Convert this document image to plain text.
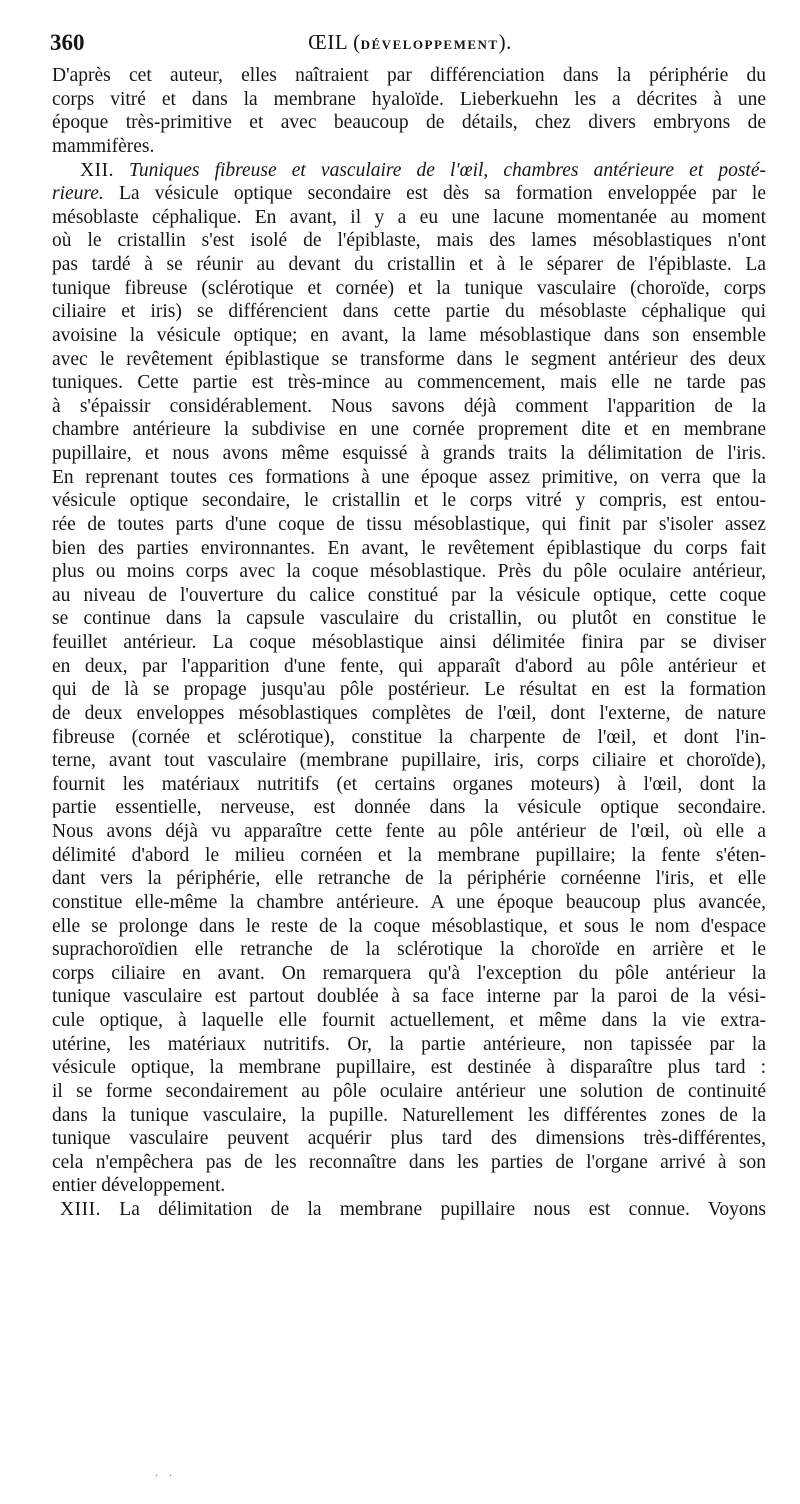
360	ŒIL (DÉVELOPPEMENT).
D'après cet auteur, elles naîtraient par différenciation dans la périphérie du
corps vitré et dans la membrane hyaloïde. Lieberkuehn les a décrites à une
époque très-primitive et avec beaucoup de détails, chez divers embryons de
mammifères.
XII. Tuniques fibreuse et vasculaire de l'œil, chambres antérieure et posté-
rieure. La vésicule optique secondaire est dès sa formation enveloppée par le
mésoblaste céphalique. En avant, il y a eu une lacune momentanée au moment
où le cristallin s'est isolé de l'épiblaste, mais des lames mésoblastiques n'ont
pas tardé à se réunir au devant du cristallin et à le séparer de l'épiblaste. La
tunique fibreuse (sclérotique et cornée) et la tunique vasculaire (choroïde, corps
ciliaire et iris) se différencient dans cette partie du mésoblaste céphalique qui
avoisine la vésicule optique; en avant, la lame mésoblastique dans son ensemble
avec le revêtement épiblastique se transforme dans le segment antérieur des deux
tuniques. Cette partie est très-mince au commencement, mais elle ne tarde pas
à s'épaissir considérablement. Nous savons déjà comment l'apparition de la
chambre antérieure la subdivise en une cornée proprement dite et en membrane
pupillaire, et nous avons même esquissé à grands traits la délimitation de l'iris.
En reprenant toutes ces formations à une époque assez primitive, on verra que la
vésicule optique secondaire, le cristallin et le corps vitré y compris, est entou-
rée de toutes parts d'une coque de tissu mésoblastique, qui finit par s'isoler assez
bien des parties environnantes. En avant, le revêtement épiblastique du corps fait
plus ou moins corps avec la coque mésoblastique. Près du pôle oculaire antérieur,
au niveau de l'ouverture du calice constitué par la vésicule optique, cette coque
se continue dans la capsule vasculaire du cristallin, ou plutôt en constitue le
feuillet antérieur. La coque mésoblastique ainsi délimitée finira par se diviser
en deux, par l'apparition d'une fente, qui apparaît d'abord au pôle antérieur et
qui de là se propage jusqu'au pôle postérieur. Le résultat en est la formation
de deux enveloppes mésoblastiques complètes de l'œil, dont l'externe, de nature
fibreuse (cornée et sclérotique), constitue la charpente de l'œil, et dont l'in-
terne, avant tout vasculaire (membrane pupillaire, iris, corps ciliaire et choroïde),
fournit les matériaux nutritifs (et certains organes moteurs) à l'œil, dont la
partie essentielle, nerveuse, est donnée dans la vésicule optique secondaire.
Nous avons déjà vu apparaître cette fente au pôle antérieur de l'œil, où elle a
délimité d'abord le milieu cornéen et la membrane pupillaire; la fente s'éten-
dant vers la périphérie, elle retranche de la périphérie cornéenne l'iris, et elle
constitue elle-même la chambre antérieure. A une époque beaucoup plus avancée,
elle se prolonge dans le reste de la coque mésoblastique, et sous le nom d'espace
suprachoroïdien elle retranche de la sclérotique la choroïde en arrière et le
corps ciliaire en avant. On remarquera qu'à l'exception du pôle antérieur la
tunique vasculaire est partout doublée à sa face interne par la paroi de la vési-
cule optique, à laquelle elle fournit actuellement, et même dans la vie extra-
utérine, les matériaux nutritifs. Or, la partie antérieure, non tapissée par la
vésicule optique, la membrane pupillaire, est destinée à disparaître plus tard :
il se forme secondairement au pôle oculaire antérieur une solution de continuité
dans la tunique vasculaire, la pupille. Naturellement les différentes zones de la
tunique vasculaire peuvent acquérir plus tard des dimensions très-différentes,
cela n'empêchera pas de les reconnaître dans les parties de l'organe arrivé à son
entier développement.
XIII. La délimitation de la membrane pupillaire nous est connue. Voyons
. .
